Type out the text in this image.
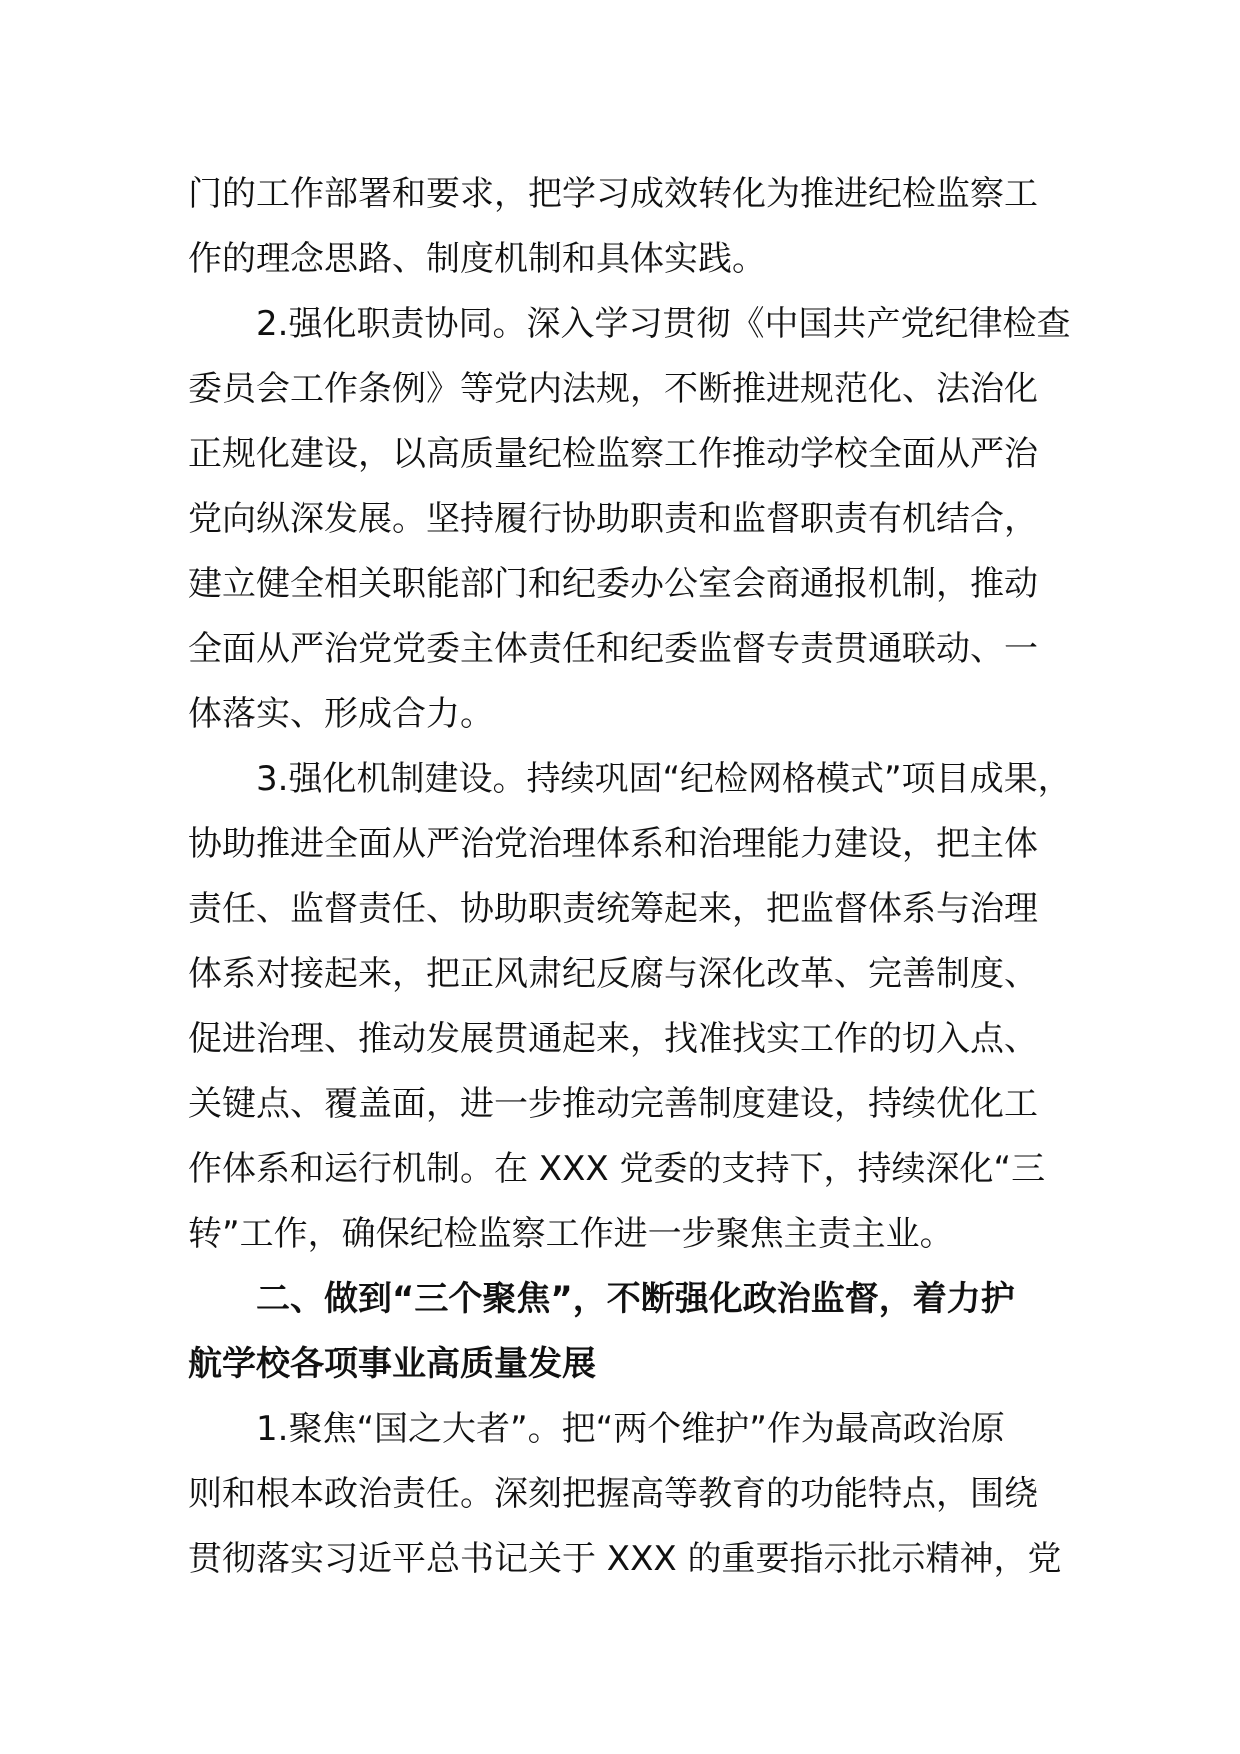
门的工作部署和要求，把学习成效转化为推进纪检监察工
作的理念思路、制度机制和具体实践。
2.强化职责协同。深入学习贯彻《中国共产党纪律检查
委员会工作条例》等党内法规，不断推进规范化、法治化
正规化建设，以高质量纪检监察工作推动学校全面从严治
党向纵深发展。坚持履行协助职责和监督职责有机结合，
建立健全相关职能部门和纪委办公室会商通报机制，推动
全面从严治党党委主体责任和纪委监督专责贯通联动、一
体落实、形成合力。
3.强化机制建设。持续巩固“纪检网格模式”项目成果，
协助推进全面从严治党治理体系和治理能力建设，把主体
责任、监督责任、协助职责统筹起来，把监督体系与治理
体系对接起来，把正风肃纪反腐与深化改革、完善制度、
促进治理、推动发展贯通起来，找准找实工作的切入点、
关键点、覆盖面，进一步推动完善制度建设，持续优化工
作体系和运行机制。在 XXX 党委的支持下，持续深化“三
转”工作，确保纪检监察工作进一步聚焦主责主业。
二、做到“三个聚焦”，不断强化政治监督，着力护
航学校各项事业高质量发展
1.聚焦“国之大者”。把“两个维护”作为最高政治原
则和根本政治责任。深刻把握高等教育的功能特点，围绕
贯彻落实习近平总书记关于 XXX 的重要指示批示精神，党
